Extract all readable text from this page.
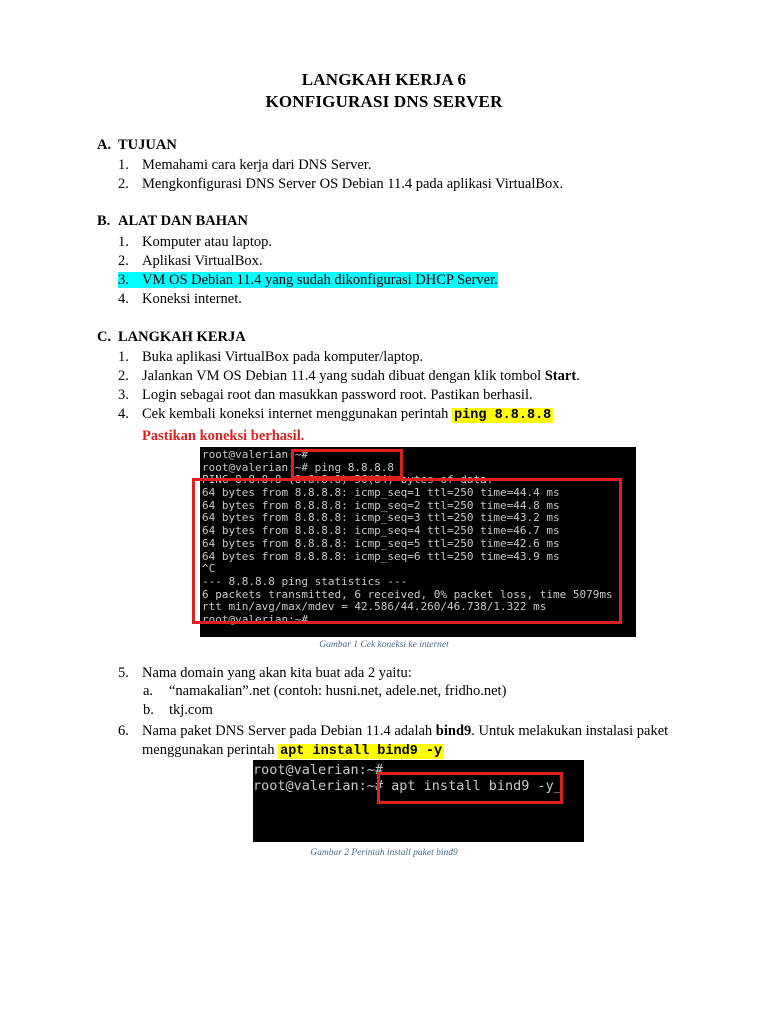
LANGKAH KERJA 6
KONFIGURASI DNS SERVER
A. TUJUAN
1. Memahami cara kerja dari DNS Server.
2. Mengkonfigurasi DNS Server OS Debian 11.4 pada aplikasi VirtualBox.
B. ALAT DAN BAHAN
1. Komputer atau laptop.
2. Aplikasi VirtualBox.
3. VM OS Debian 11.4 yang sudah dikonfigurasi DHCP Server.
4. Koneksi internet.
C. LANGKAH KERJA
1. Buka aplikasi VirtualBox pada komputer/laptop.
2. Jalankan VM OS Debian 11.4 yang sudah dibuat dengan klik tombol Start.
3. Login sebagai root dan masukkan password root. Pastikan berhasil.
4. Cek kembali koneksi internet menggunakan perintah ping 8.8.8.8
Pastikan koneksi berhasil.
root@valerian:~#
root@valerian:~# ping 8.8.8.8
PING 8.8.8.8 (8.8.8.8) 56(84) bytes of data.
64 bytes from 8.8.8.8: icmp_seq=1 ttl=250 time=44.4 ms
64 bytes from 8.8.8.8: icmp_seq=2 ttl=250 time=44.8 ms
64 bytes from 8.8.8.8: icmp_seq=3 ttl=250 time=43.2 ms
64 bytes from 8.8.8.8: icmp_seq=4 ttl=250 time=46.7 ms
64 bytes from 8.8.8.8: icmp_seq=5 ttl=250 time=42.6 ms
64 bytes from 8.8.8.8: icmp_seq=6 ttl=250 time=43.9 ms
^C
--- 8.8.8.8 ping statistics ---
6 packets transmitted, 6 received, 0% packet loss, time 5079ms
rtt min/avg/max/mdev = 42.586/44.260/46.738/1.322 ms
root@valerian:~#
Gambar 1 Cek koneksi ke internet
5. Nama domain yang akan kita buat ada 2 yaitu:
a. “namakalian”.net (contoh: husni.net, adele.net, fridho.net)
b. tkj.com
6. Nama paket DNS Server pada Debian 11.4 adalah bind9. Untuk melakukan instalasi paket
menggunakan perintah apt install bind9 -y
root@valerian:~#
root@valerian:~# apt install bind9 -y_
Gambar 2 Perintah install paket bind9
